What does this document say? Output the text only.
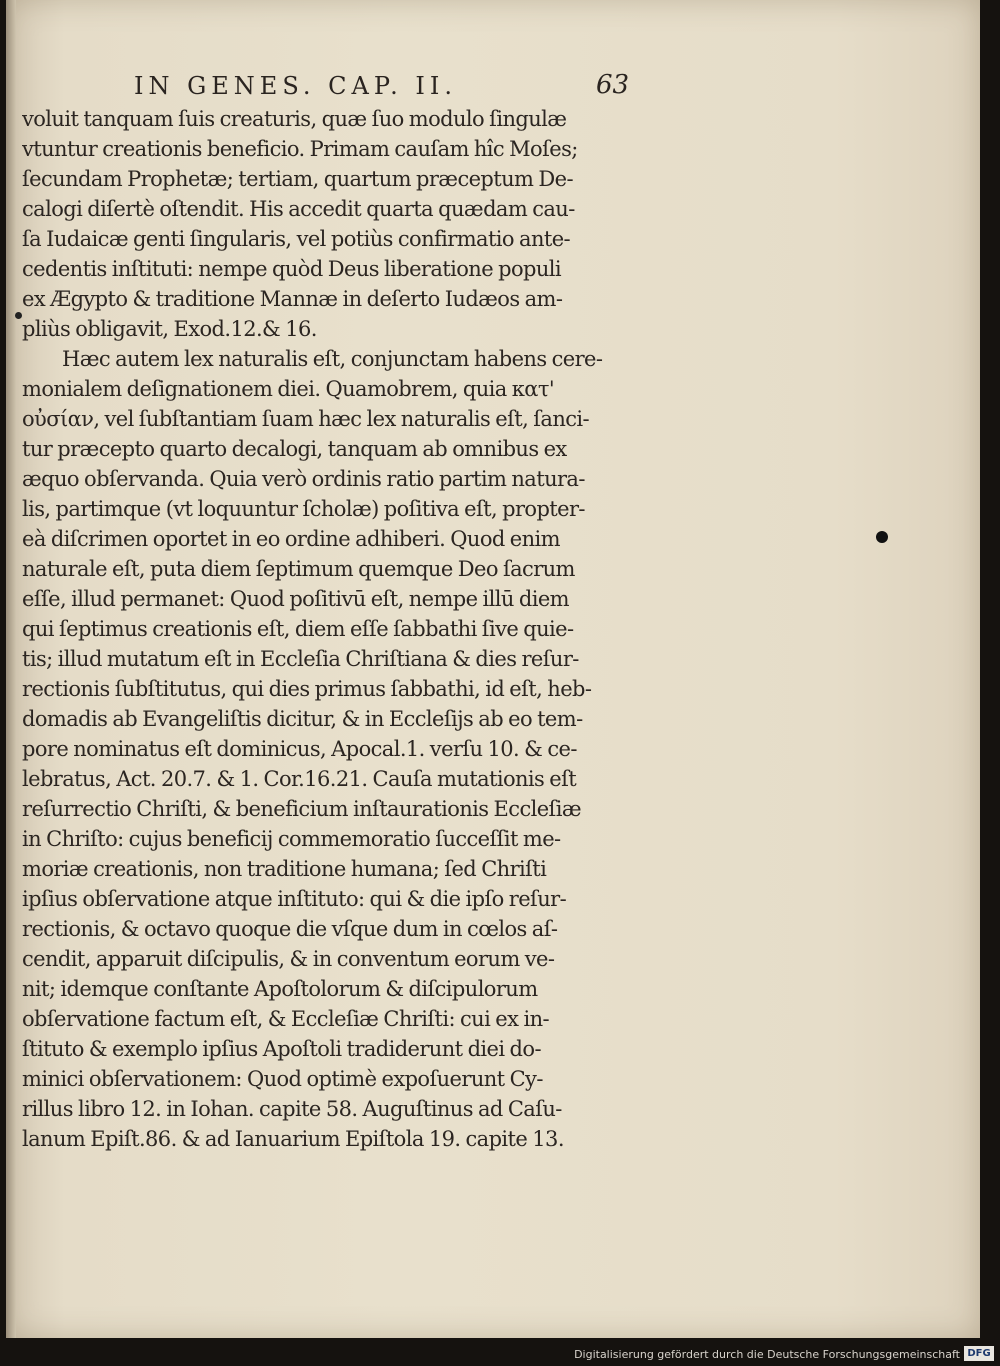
IN GENES. CAP. II.	63
voluit tanquam ſuis creaturis, quæ ſuo modulo ſingulæ
vtuntur creationis beneficio. Primam cauſam hîc Moſes;
ſecundam Prophetæ; tertiam, quartum præceptum De-
calogi diſertè oſtendit. His accedit quarta quædam cau-
ſa Iudaicæ genti ſingularis, vel potiùs confirmatio ante-
cedentis inſtituti: nempe quòd Deus liberatione populi
ex Ægypto & traditione Mannæ in deſerto Iudæos am-
pliùs obligavit, Exod.12.& 16.
Hæc autem lex naturalis eſt, conjunctam habens cere-
monialem deſignationem diei. Quamobrem, quia κατ'
οὐσίαν, vel ſubſtantiam ſuam hæc lex naturalis eſt, ſanci-
tur præcepto quarto decalogi, tanquam ab omnibus ex
æquo obſervanda. Quia verò ordinis ratio partim natura-
lis, partimque (vt loquuntur ſcholæ) poſitiva eſt, propter-
eà diſcrimen oportet in eo ordine adhiberi. Quod enim
naturale eſt, puta diem ſeptimum quemque Deo ſacrum
eſſe, illud permanet: Quod poſitivū eſt, nempe illū diem
qui ſeptimus creationis eſt, diem eſſe ſabbathi ſive quie-
tis; illud mutatum eſt in Eccleſia Chriſtiana & dies reſur-
rectionis ſubſtitutus, qui dies primus ſabbathi, id eſt, heb-
domadis ab Evangeliſtis dicitur, & in Eccleſijs ab eo tem-
pore nominatus eſt dominicus, Apocal.1. verſu 10. & ce-
lebratus, Act. 20.7. & 1. Cor.16.21. Cauſa mutationis eſt
reſurrectio Chriſti, & beneficium inſtaurationis Eccleſiæ
in Chriſto: cujus beneficij commemoratio ſucceſſit me-
moriæ creationis, non traditione humana; ſed Chriſti
ipſius obſervatione atque inſtituto: qui & die ipſo reſur-
rectionis, & octavo quoque die vſque dum in cœlos aſ-
cendit, apparuit diſcipulis, & in conventum eorum ve-
nit; idemque conſtante Apoſtolorum & diſcipulorum
obſervatione factum eſt, & Eccleſiæ Chriſti: cui ex in-
ſtituto & exemplo ipſius Apoſtoli tradiderunt diei do-
minici obſervationem: Quod optimè expoſuerunt Cy-
rillus libro 12. in Iohan. capite 58. Auguſtinus ad Caſu-
lanum Epiſt.86. & ad Ianuarium Epiſtola 19. capite 13.
Digitalisierung gefördert durch die Deutsche Forschungsgemeinschaft DFG
